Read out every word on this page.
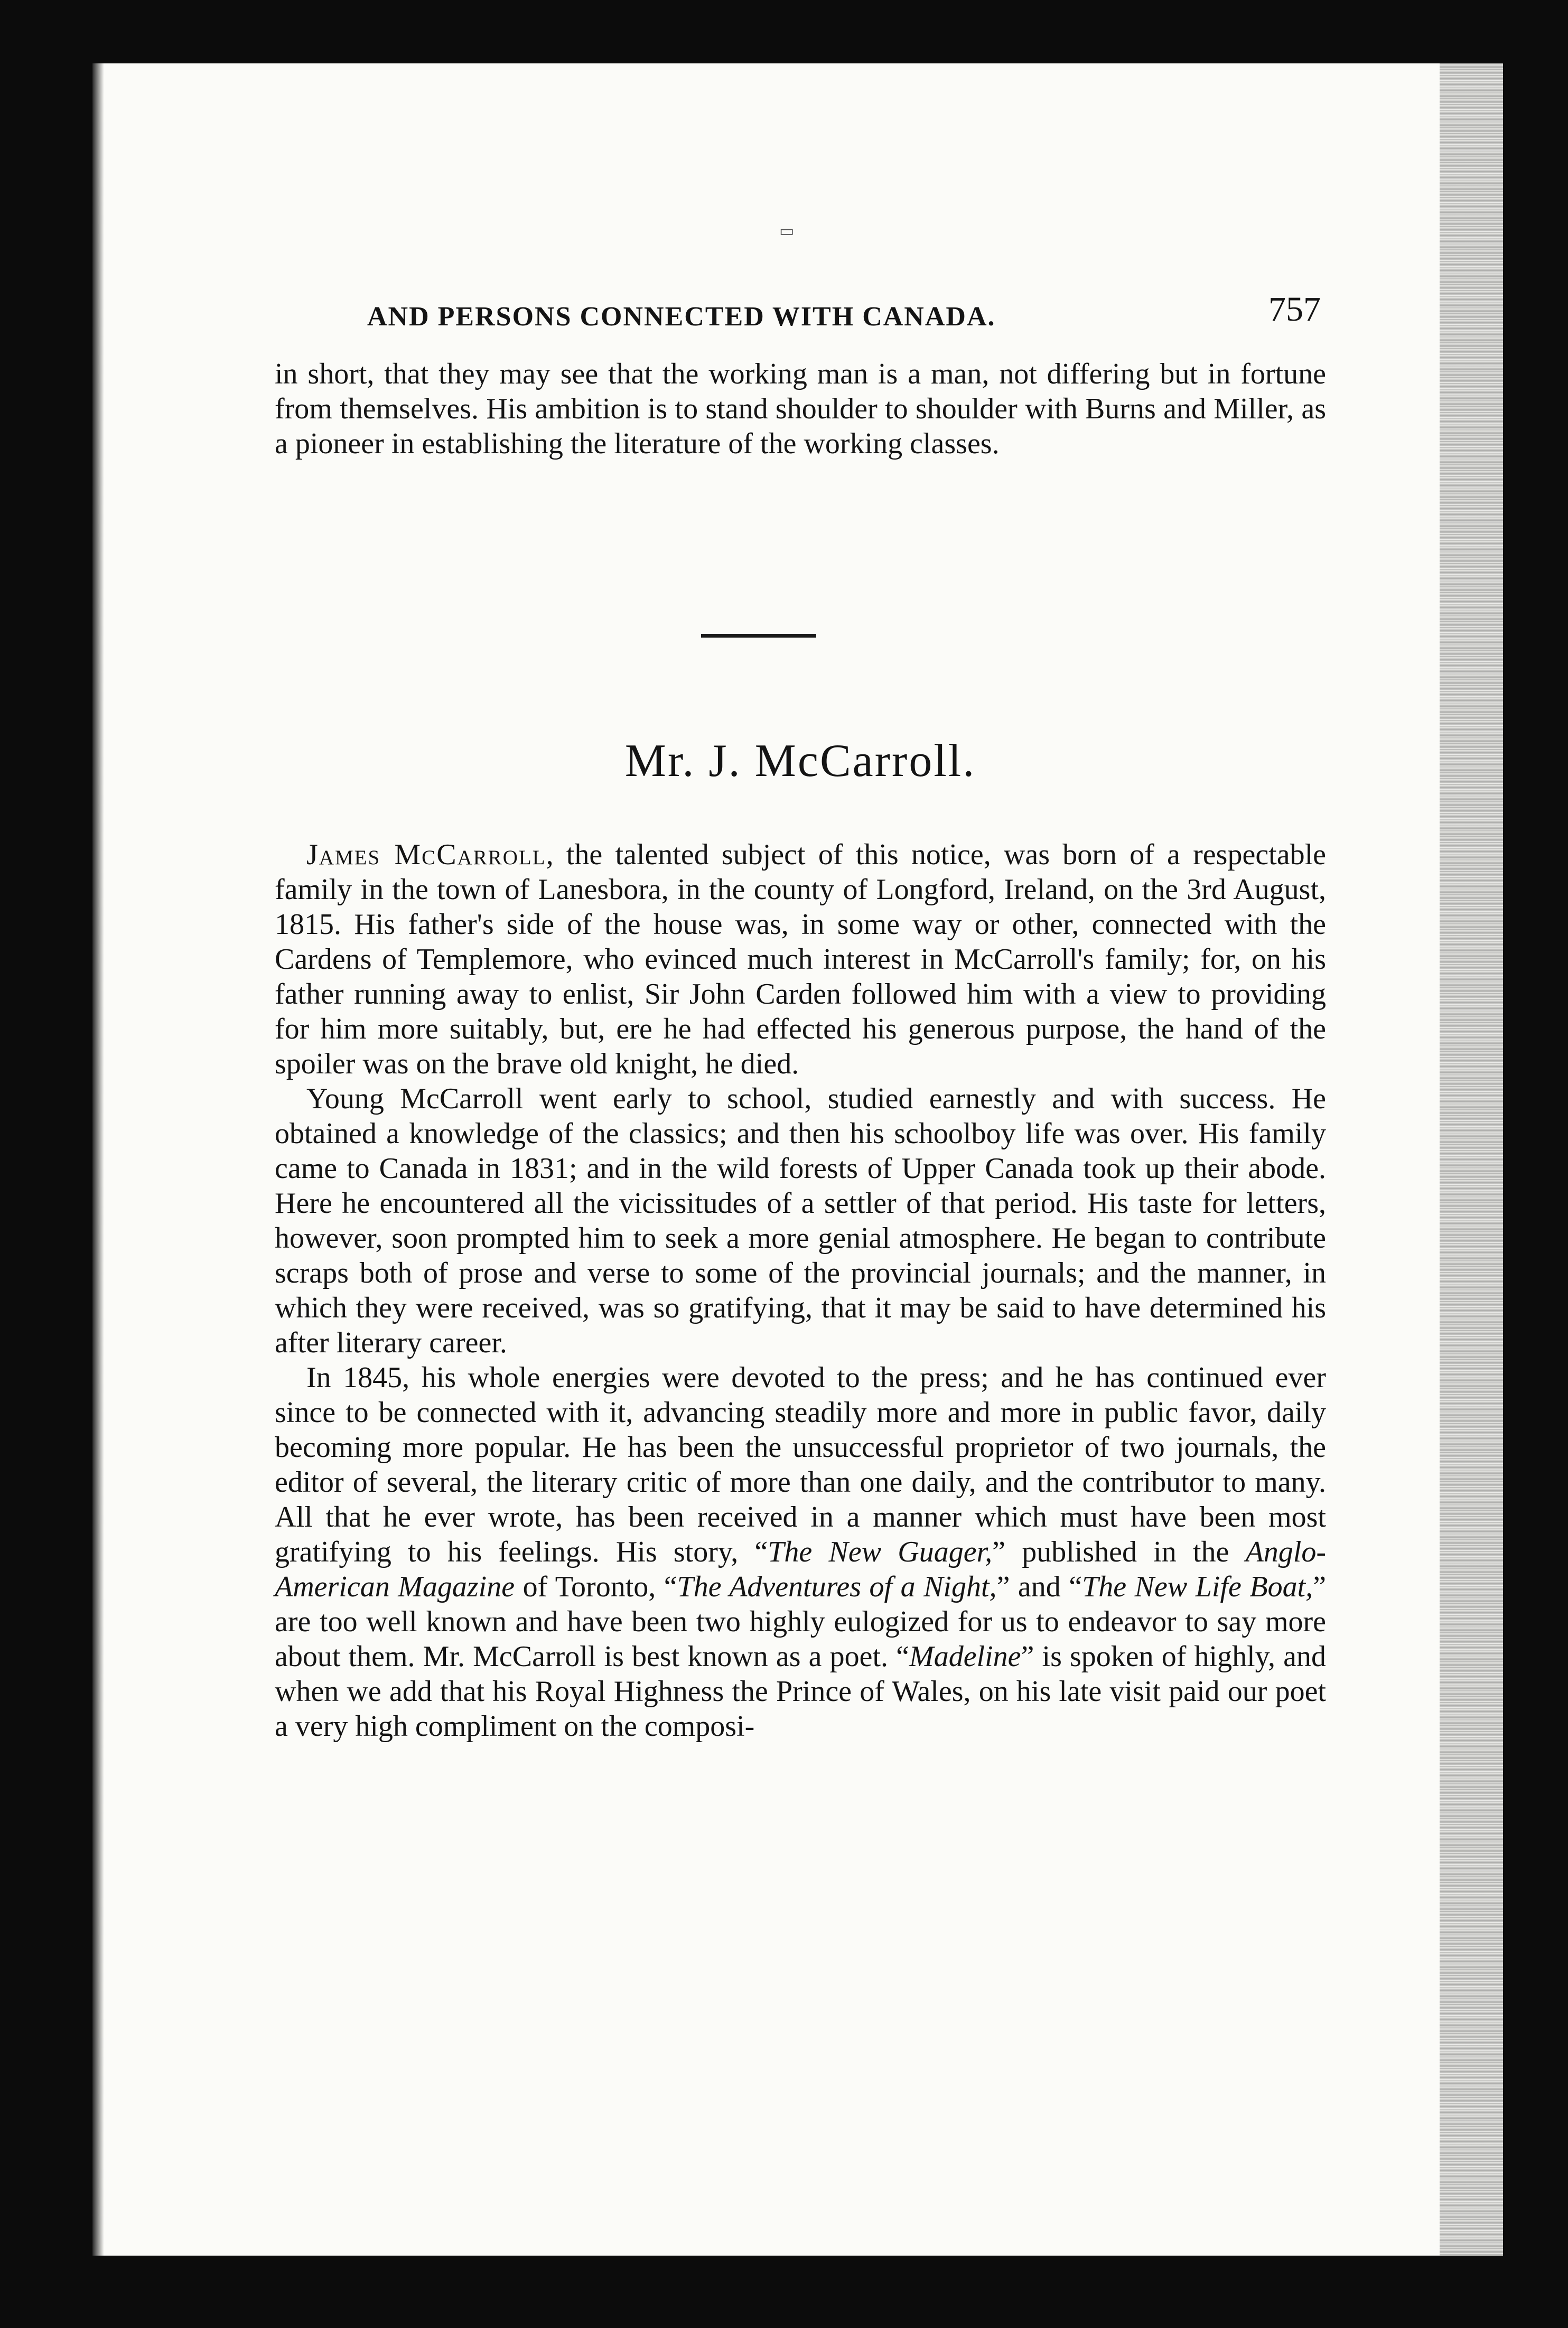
▭
AND PERSONS CONNECTED WITH CANADA.	757

in short, that they may see that the working man is a man, not differing but in fortune from themselves. His ambition is to stand shoulder to shoulder with Burns and Miller, as a pioneer in establishing the literature of the working classes.

Mr. J. McCarroll.

James McCarroll, the talented subject of this notice, was born of a respectable family in the town of Lanesbora, in the county of Longford, Ireland, on the 3rd August, 1815. His father's side of the house was, in some way or other, connected with the Cardens of Templemore, who evinced much interest in McCarroll's family; for, on his father running away to enlist, Sir John Carden followed him with a view to providing for him more suitably, but, ere he had effected his generous purpose, the hand of the spoiler was on the brave old knight, he died.

Young McCarroll went early to school, studied earnestly and with success. He obtained a knowledge of the classics; and then his schoolboy life was over. His family came to Canada in 1831; and in the wild forests of Upper Canada took up their abode. Here he encountered all the vicissitudes of a settler of that period. His taste for letters, however, soon prompted him to seek a more genial atmosphere. He began to contribute scraps both of prose and verse to some of the provincial journals; and the manner, in which they were received, was so gratifying, that it may be said to have determined his after literary career.

In 1845, his whole energies were devoted to the press; and he has continued ever since to be connected with it, advancing steadily more and more in public favor, daily becoming more popular. He has been the unsuccessful proprietor of two journals, the editor of several, the literary critic of more than one daily, and the contributor to many. All that he ever wrote, has been received in a manner which must have been most gratifying to his feelings. His story, “The New Guager,” published in the Anglo-American Magazine of Toronto, “The Adventures of a Night,” and “The New Life Boat,” are too well known and have been two highly eulogized for us to endeavor to say more about them. Mr. McCarroll is best known as a poet. “Madeline” is spoken of highly, and when we add that his Royal Highness the Prince of Wales, on his late visit paid our poet a very high compliment on the composi-
